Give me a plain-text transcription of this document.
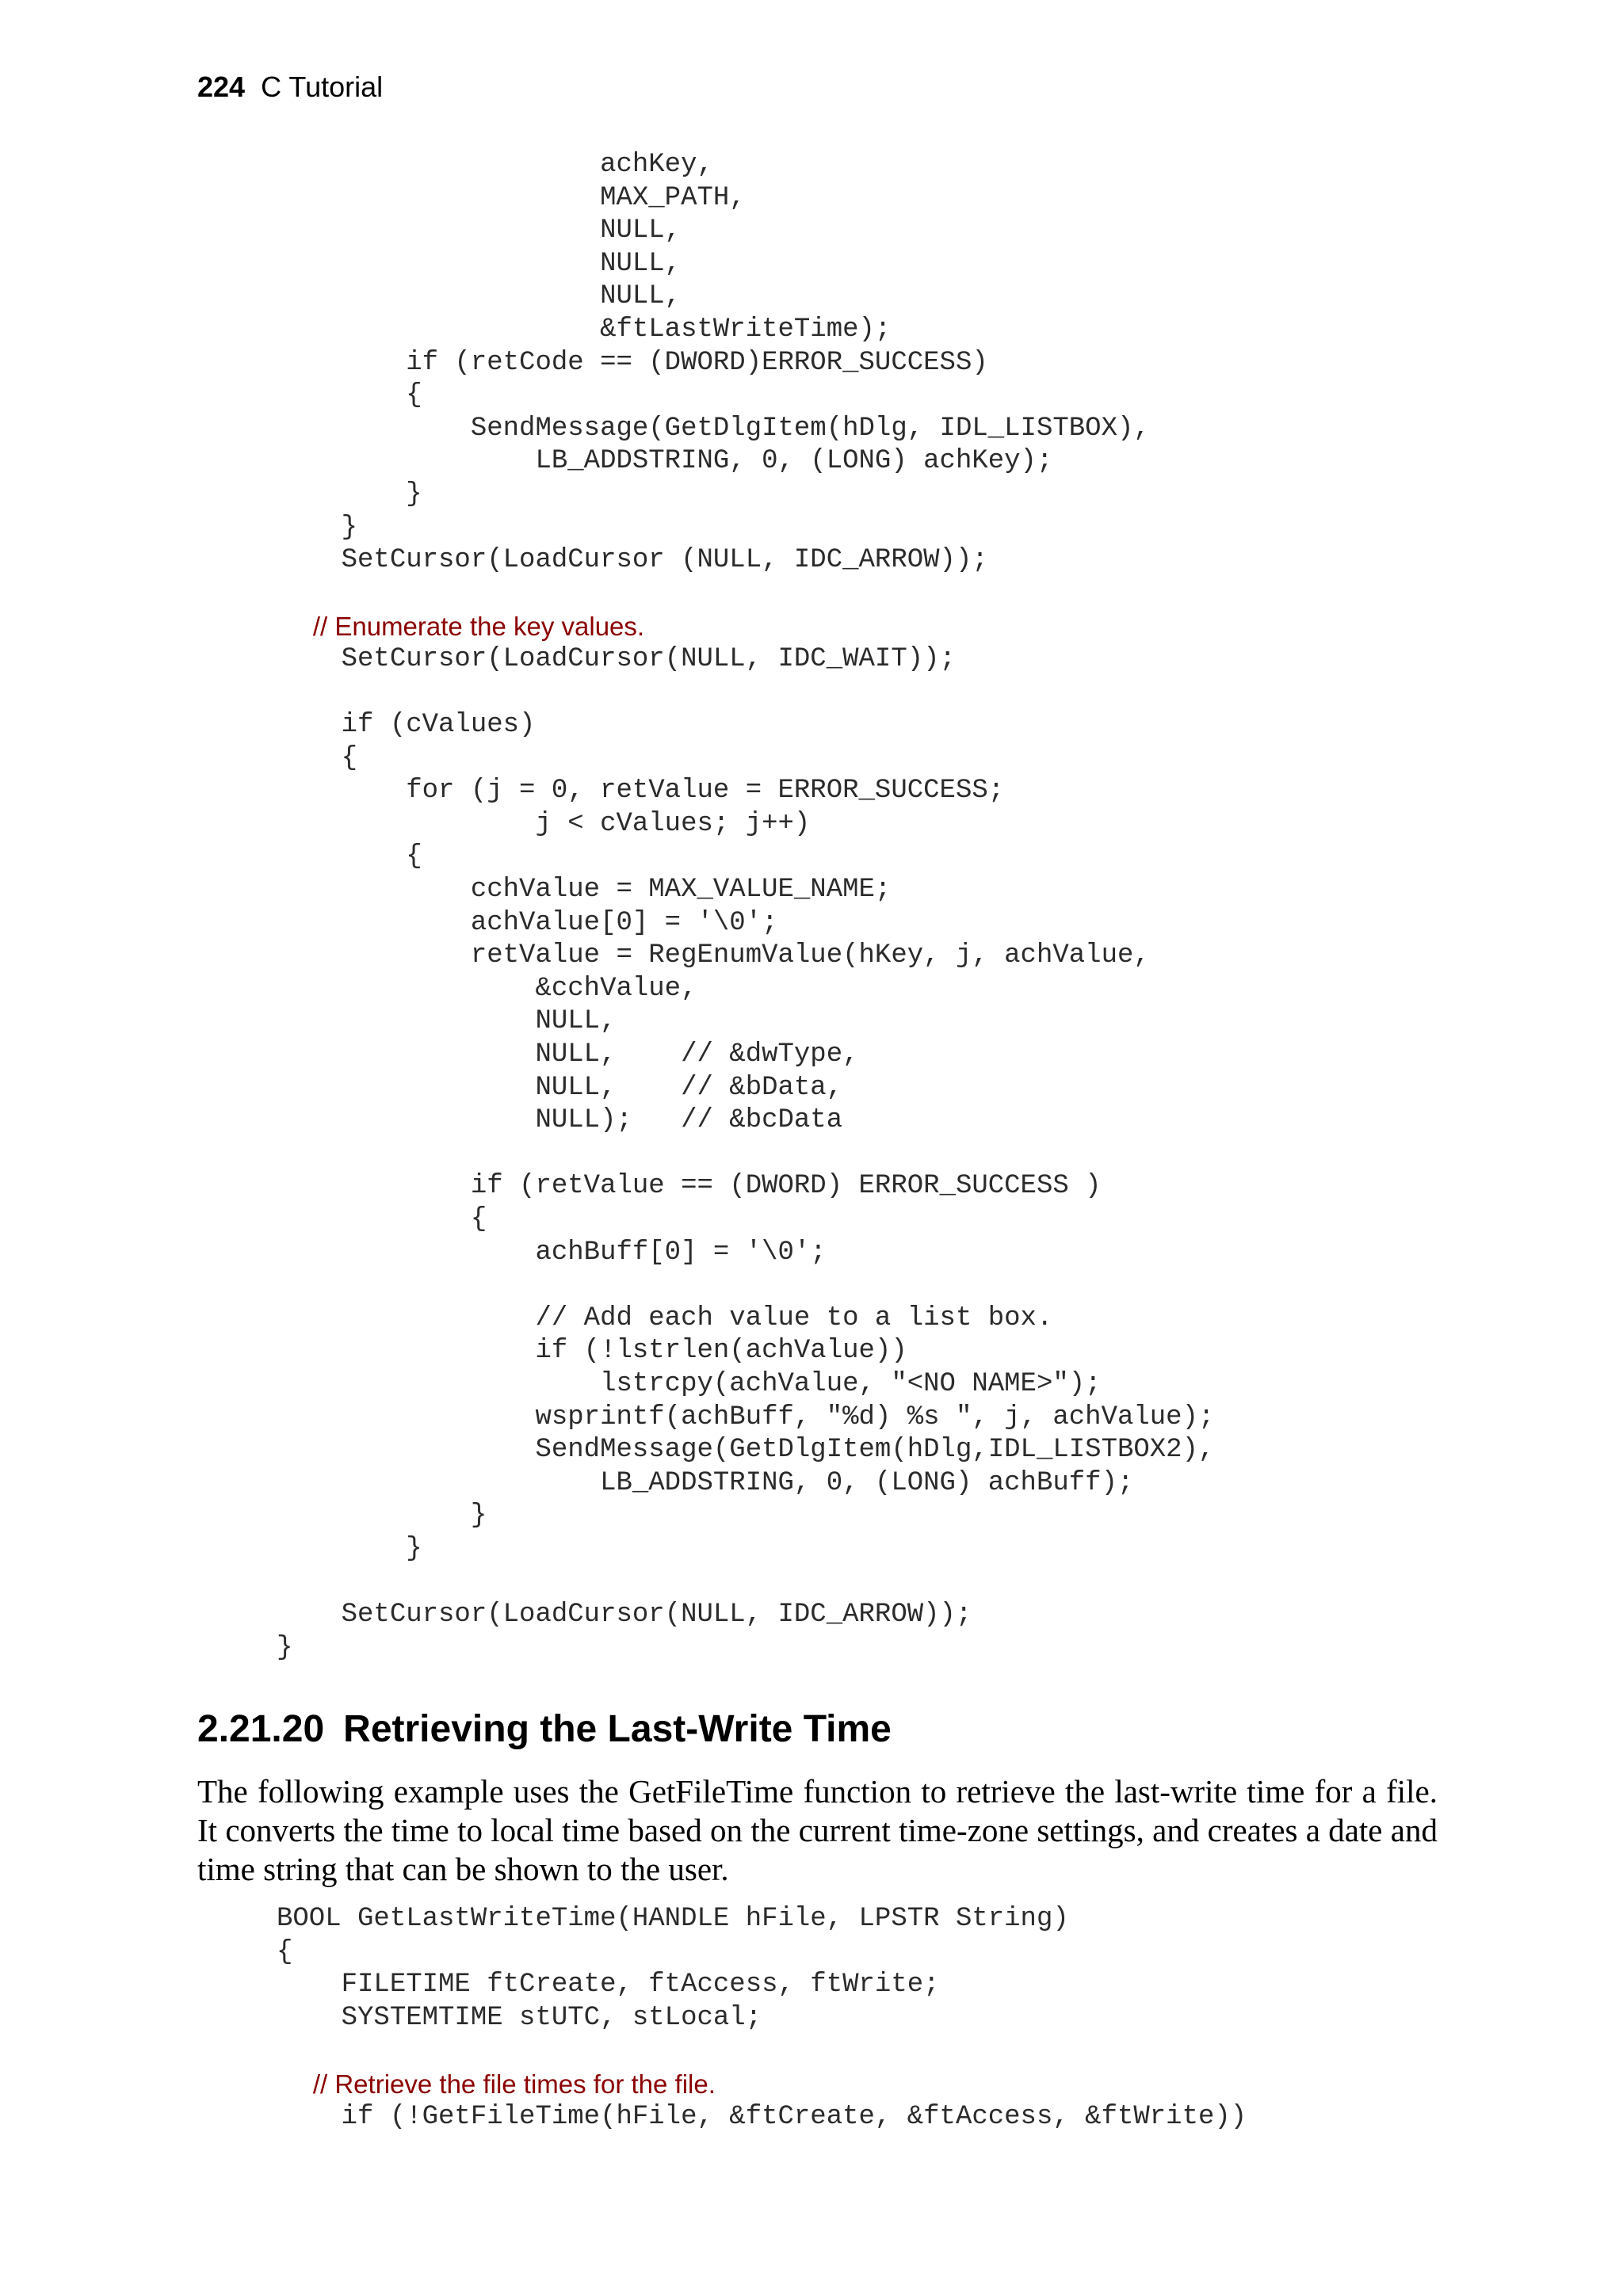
224 C Tutorial
achKey,
MAX_PATH,
NULL,
NULL,
NULL,
&ftLastWriteTime);
if (retCode == (DWORD)ERROR_SUCCESS)
{
SendMessage(GetDlgItem(hDlg, IDL_LISTBOX),
LB_ADDSTRING, 0, (LONG) achKey);
}
}
SetCursor(LoadCursor (NULL, IDC_ARROW));
// Enumerate the key values.
SetCursor(LoadCursor(NULL, IDC_WAIT));
if (cValues)
{
for (j = 0, retValue = ERROR_SUCCESS;
j < cValues; j++)
{
cchValue = MAX_VALUE_NAME;
achValue[0] = '\0';
retValue = RegEnumValue(hKey, j, achValue,
&cchValue,
NULL,
NULL,    // &dwType,
NULL,    // &bData,
NULL);   // &bcData
if (retValue == (DWORD) ERROR_SUCCESS )
{
achBuff[0] = '\0';
// Add each value to a list box.
if (!lstrlen(achValue))
lstrcpy(achValue, "<NO NAME>");
wsprintf(achBuff, "%d) %s ", j, achValue);
SendMessage(GetDlgItem(hDlg,IDL_LISTBOX2),
LB_ADDSTRING, 0, (LONG) achBuff);
}
}
SetCursor(LoadCursor(NULL, IDC_ARROW));
}
2.21.20 Retrieving the Last-Write Time

The following example uses the GetFileTime function to retrieve the last-write time for a file. It converts the time to local time based on the current time-zone settings, and creates a date and time string that can be shown to the user.

BOOL GetLastWriteTime(HANDLE hFile, LPSTR String)
{
FILETIME ftCreate, ftAccess, ftWrite;
SYSTEMTIME stUTC, stLocal;
// Retrieve the file times for the file.
if (!GetFileTime(hFile, &ftCreate, &ftAccess, &ftWrite))
